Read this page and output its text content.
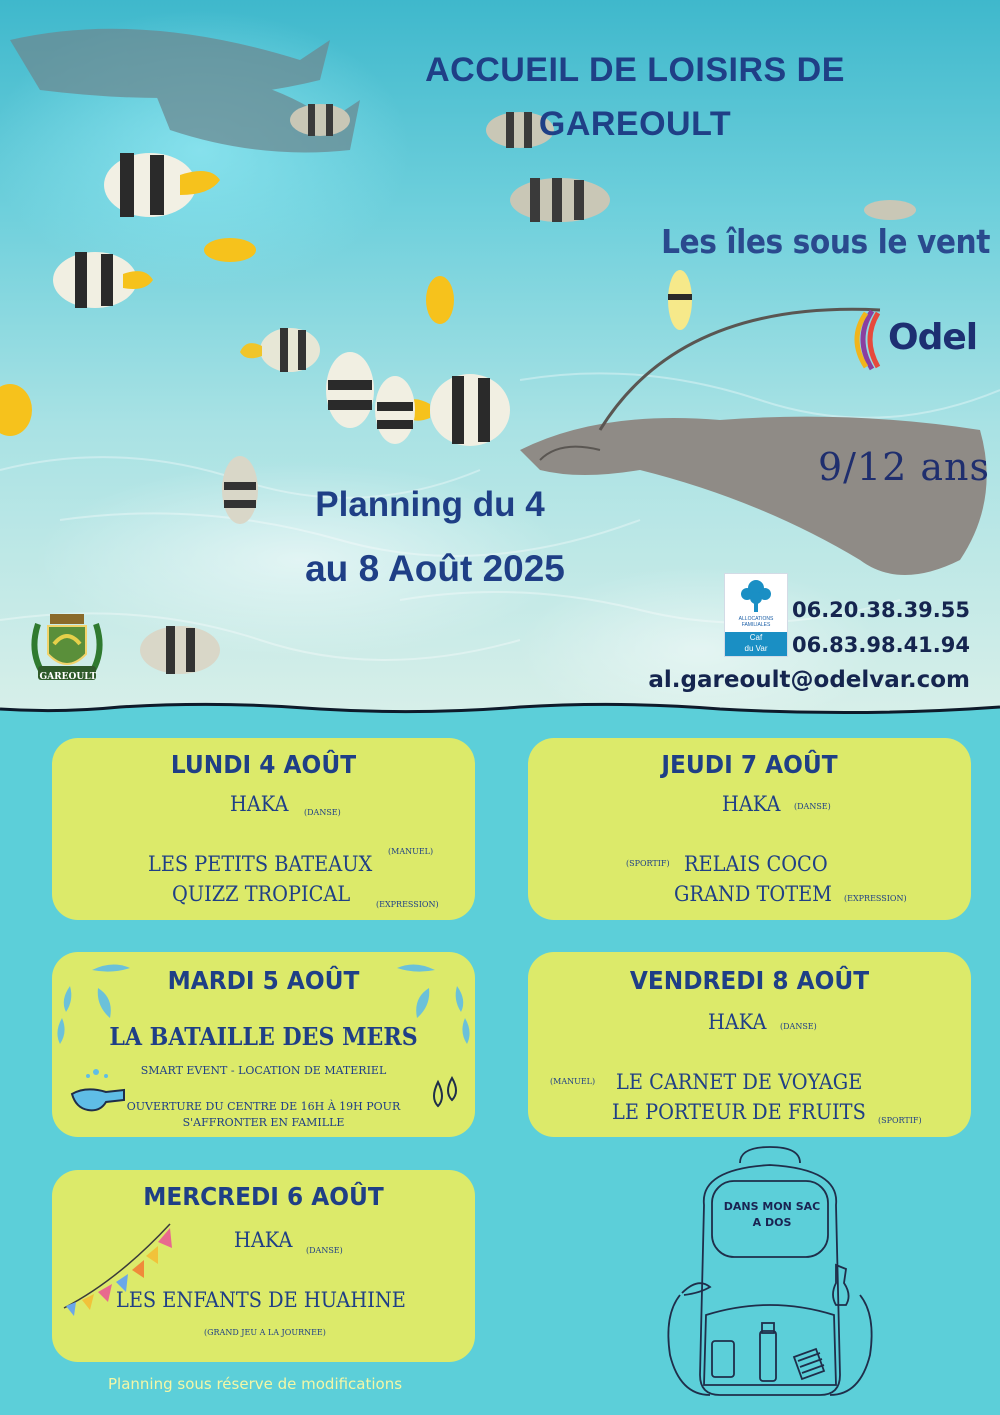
ACCUEIL DE LOISIRS DE
GAREOULT
Les îles sous le vent
Odel
9/12 ans
Planning du 4
au 8 Août 2025
ALLOCATIONS FAMILIALES
Caf
du Var
06.20.38.39.55
06.83.98.41.94
al.gareoult@odelvar.com
GAREOULT
LUNDI 4 AOÛT
HAKA (DANSE)
LES PETITS BATEAUX
(MANUEL)
QUIZZ TROPICAL	(EXPRESSION)
JEUDI 7 AOÛT
HAKA (DANSE)
(SPORTIF) RELAIS COCO
GRAND TOTEM (EXPRESSION)
MARDI 5 AOÛT
LA BATAILLE DES MERS
SMART EVENT - LOCATION DE MATERIEL
OUVERTURE DU CENTRE DE 16H À 19H POUR
S'AFFRONTER EN FAMILLE
VENDREDI 8 AOÛT
HAKA (DANSE)
(MANUEL) LE CARNET DE VOYAGE
LE PORTEUR DE FRUITS (SPORTIF)
MERCREDI 6 AOÛT
HAKA (DANSE)
LES ENFANTS DE HUAHINE
(GRAND JEU A LA JOURNEE)
DANS MON SAC
A DOS
Planning sous réserve de modifications
